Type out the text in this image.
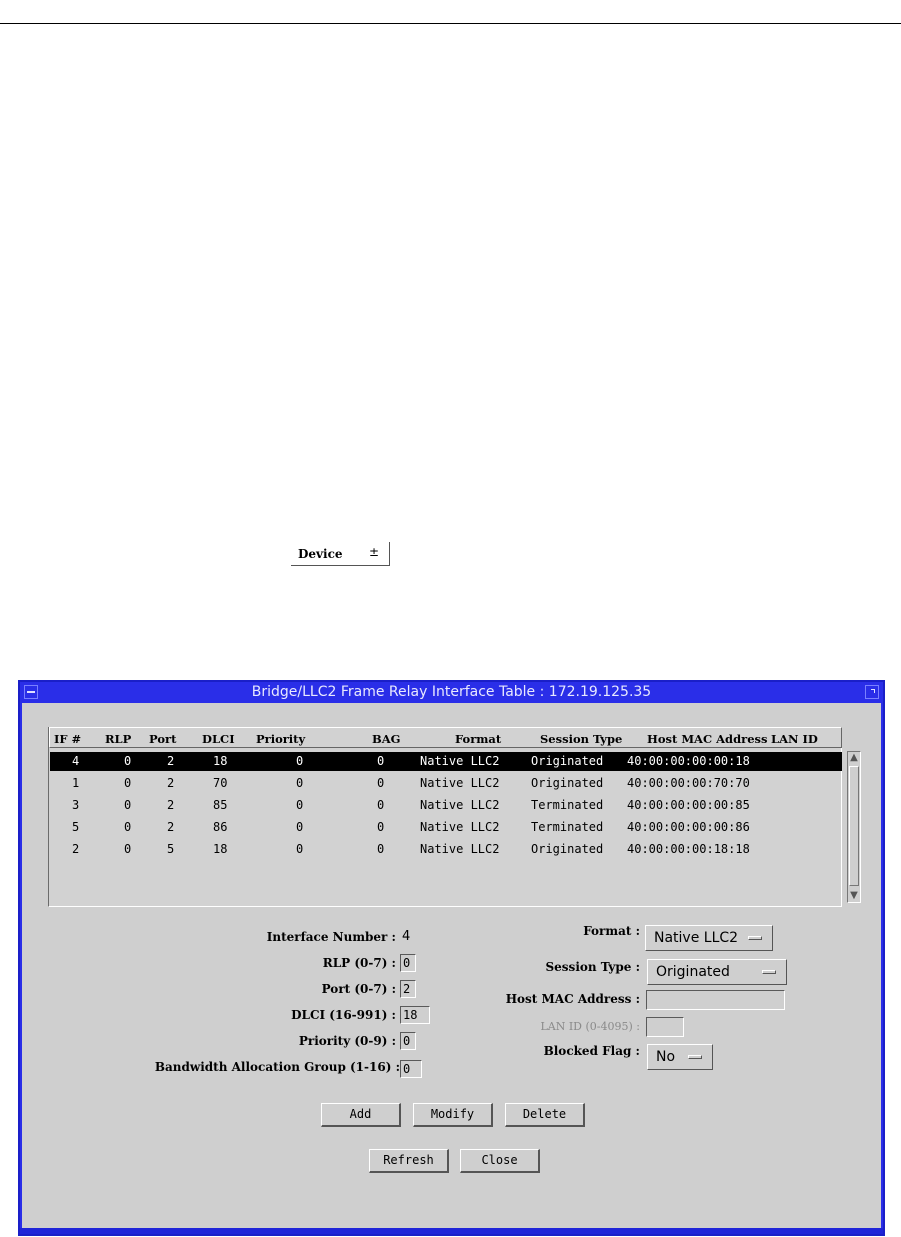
Device ±
Bridge/LLC2 Frame Relay Interface Table : 172.19.125.35
IF # RLP Port DLCI Priority	BAG	Format	Session Type Host MAC Address LAN ID
4	0	2	18	0	0	Native LLC2	Originated 40:00:00:00:00:18
1	0	2	70	0	0	Native LLC2	Originated 40:00:00:00:70:70
3	0	2	85	0	0	Native LLC2	Terminated 40:00:00:00:00:85
5	0	2	86	0	0	Native LLC2	Terminated 40:00:00:00:00:86
2	0	5	18	0	0	Native LLC2	Originated 40:00:00:00:18:18
▲
▼
Interface Number : 4
RLP (0-7) : 0
Port (0-7) : 2
DLCI (16-991) : 18
Priority (0-9) : 0
Bandwidth Allocation Group (1-16) : 0
Format :	Native LLC2
Session Type :	Originated
Host MAC Address :
LAN ID (0-4095) :
Blocked Flag :	No
Add	Modify	Delete
Refresh	Close
